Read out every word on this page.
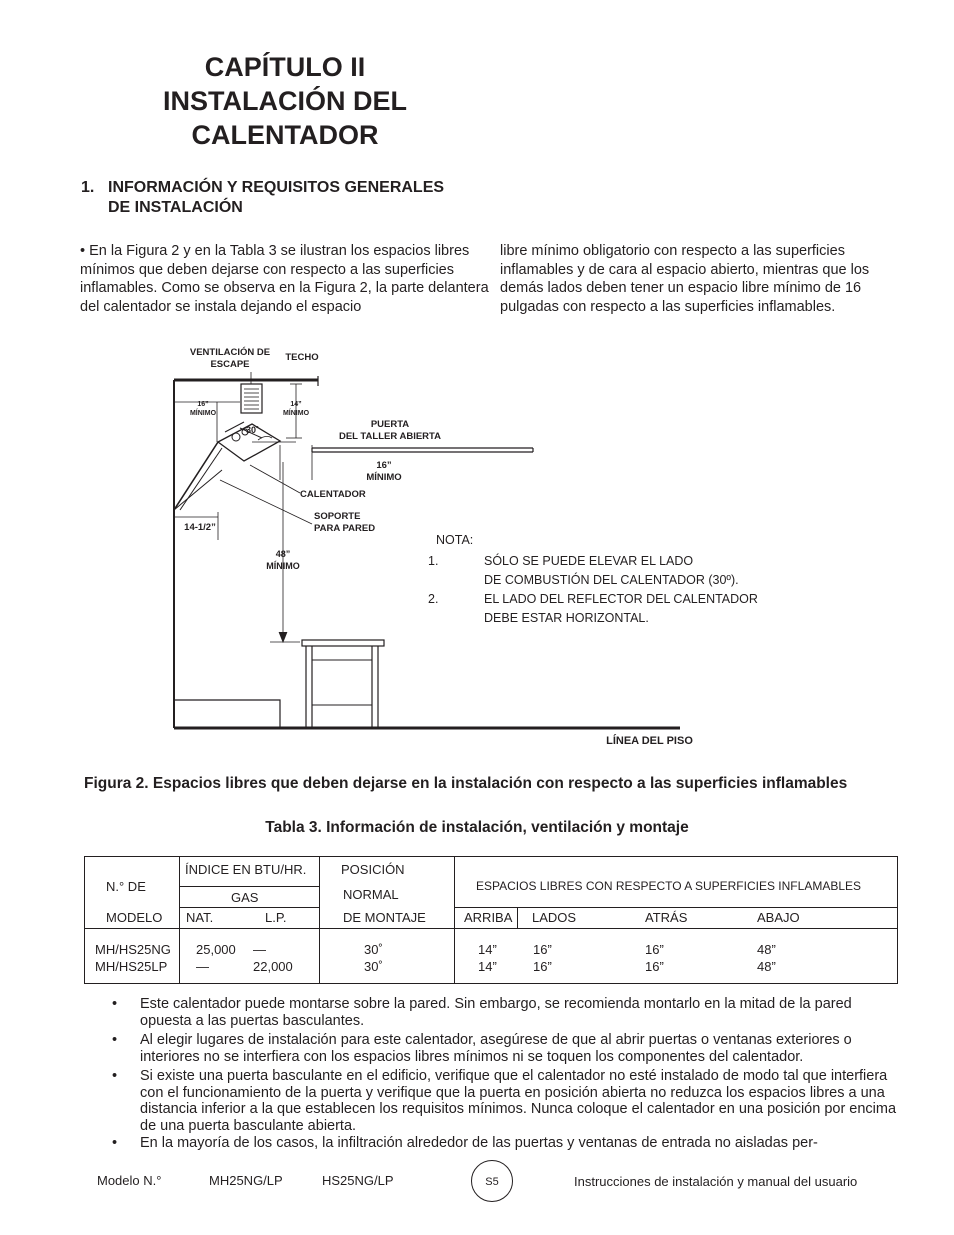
CAPÍTULO II
INSTALACIÓN DEL
CALENTADOR
1. INFORMACIÓN Y REQUISITOS GENERALES
DE INSTALACIÓN
• En la Figura 2 y en la Tabla 3 se ilustran los espacios libres mínimos que deben dejarse con respecto a las superficies inflamables. Como se observa en la Figura 2, la parte delantera del calentador se instala dejando el espacio
libre mínimo obligatorio con respecto a las superficies inflamables y de cara al espacio abierto, mientras que los demás lados deben tener un espacio libre mínimo de 16 pulgadas con respecto a las superficies inflamables.
VENTILACIÓN DE
ESCAPE
TECHO
16”
MÍNIMO
14”
MÍNIMO
30˚	PUERTA
DEL TALLER ABIERTA
16”
MÍNIMO
CALENTADOR
SOPORTE
PARA PARED
14-1/2”
48”
MÍNIMO
LÍNEA DEL PISO
NOTA:
1.	SÓLO SE PUEDE ELEVAR EL LADO
DE COMBUSTIÓN DEL CALENTADOR (30º).
2.	EL LADO DEL REFLECTOR DEL CALENTADOR
DEBE ESTAR HORIZONTAL.
Figura 2. Espacios libres que deben dejarse en la instalación con respecto a las superficies inflamables
Tabla 3. Información de instalación, ventilación y montaje
N.° DE
MODELO
ÍNDICE EN BTU/HR.
GAS
NAT.	L.P.
POSICIÓN
NORMAL
DE MONTAJE
ESPACIOS LIBRES CON RESPECTO A SUPERFICIES INFLAMABLES
ARRIBA LADOS	ATRÁS	ABAJO
MH/HS25NG 25,000 —	30˚	14”	16”	16”	48”
MH/HS25LP —	22,000	30˚	14”	16”	16”	48”
• Este calentador puede montarse sobre la pared. Sin embargo, se recomienda montarlo en la mitad de la pared opuesta a las puertas basculantes.
• Al elegir lugares de instalación para este calentador, asegúrese de que al abrir puertas o ventanas exteriores o interiores no se interfiera con los espacios libres mínimos ni se toquen los componentes del calentador.
• Si existe una puerta basculante en el edificio, verifique que el calentador no esté instalado de modo tal que interfiera con el funcionamiento de la puerta y verifique que la puerta en posición abierta no reduzca los espacios libres a una distancia inferior a la que establecen los requisitos mínimos. Nunca coloque el calentador en una posición por encima de una puerta basculante abierta.
• En la mayoría de los casos, la infiltración alrededor de las puertas y ventanas de entrada no aisladas per-
Modelo N.°	MH25NG/LP	HS25NG/LP	S5	Instrucciones de instalación y manual del usuario
